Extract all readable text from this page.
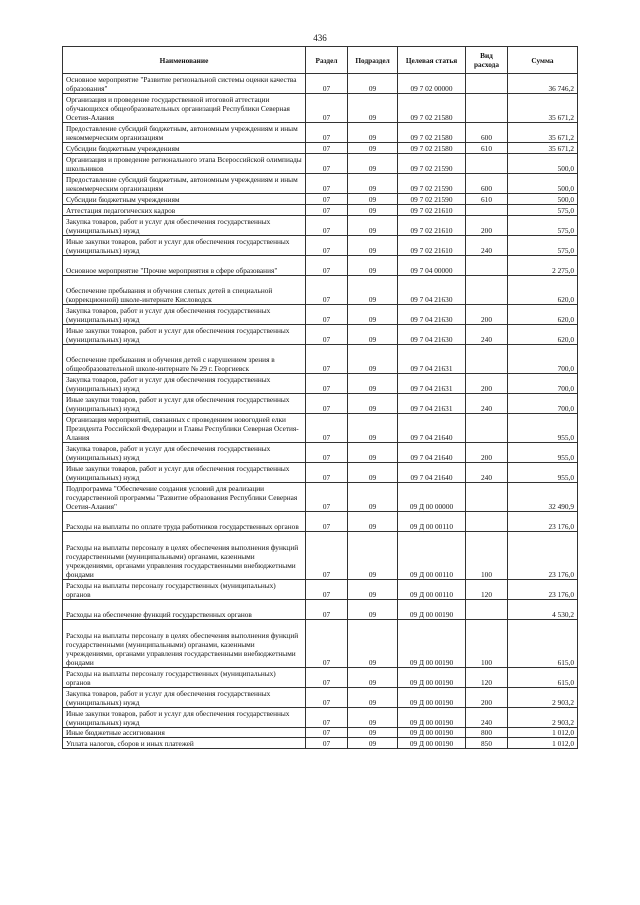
436
Наименование	Раздел	Подраздел	Целевая статья	Вид расхода	Сумма
Основное мероприятие "Развитие региональной системы оценки качества образования"	07	09	09 7 02 00000		36 746,2
Организация и проведение государственной итоговой аттестации обучающихся общеобразовательных организаций Республики Северная Осетия-Алания	07	09	09 7 02 21580		35 671,2
Предоставление субсидий бюджетным, автономным учреждениям и иным некоммерческим организациям	07	09	09 7 02 21580	600	35 671,2
Субсидии бюджетным учреждениям	07	09	09 7 02 21580	610	35 671,2
Организация и проведение регионального этапа Всероссийской олимпиады школьников	07	09	09 7 02 21590		500,0
Предоставление субсидий бюджетным, автономным учреждениям и иным некоммерческим организациям	07	09	09 7 02 21590	600	500,0
Субсидии бюджетным учреждениям	07	09	09 7 02 21590	610	500,0
Аттестация педагогических кадров	07	09	09 7 02 21610		575,0
Закупка товаров, работ и услуг для обеспечения государственных (муниципальных) нужд	07	09	09 7 02 21610	200	575,0
Иные закупки товаров, работ и услуг для обеспечения государственных (муниципальных) нужд	07	09	09 7 02 21610	240	575,0
Основное мероприятие "Прочие мероприятия в сфере образования"	07	09	09 7 04 00000		2 275,0
Обеспечение пребывания и обучения слепых детей в специальной (коррекционной) школе-интернате Кисловодск	07	09	09 7 04 21630		620,0
Закупка товаров, работ и услуг для обеспечения государственных (муниципальных) нужд	07	09	09 7 04 21630	200	620,0
Иные закупки товаров, работ и услуг для обеспечения государственных (муниципальных) нужд	07	09	09 7 04 21630	240	620,0
Обеспечение пребывания и обучения детей с нарушением зрения в общеобразовательной школе-интернате № 29 г. Георгиевск	07	09	09 7 04 21631		700,0
Закупка товаров, работ и услуг для обеспечения государственных (муниципальных) нужд	07	09	09 7 04 21631	200	700,0
Иные закупки товаров, работ и услуг для обеспечения государственных (муниципальных) нужд	07	09	09 7 04 21631	240	700,0
Организация мероприятий, связанных с проведением новогодней елки Президента Российской Федерации и Главы Республики Северная Осетия-Алания	07	09	09 7 04 21640		955,0
Закупка товаров, работ и услуг для обеспечения государственных (муниципальных) нужд	07	09	09 7 04 21640	200	955,0
Иные закупки товаров, работ и услуг для обеспечения государственных (муниципальных) нужд	07	09	09 7 04 21640	240	955,0
Подпрограмма "Обеспечение создания условий для реализации государственной программы "Развитие образования Республики Северная Осетия-Алания"	07	09	09 Д 00 00000		32 490,9
Расходы на выплаты по оплате труда работников государственных органов	07	09	09 Д 00 00110		23 176,0
Расходы на выплаты персоналу в целях обеспечения выполнения функций государственными (муниципальными) органами, казенными учреждениями, органами управления государственными внебюджетными фондами	07	09	09 Д 00 00110	100	23 176,0
Расходы на выплаты персоналу государственных (муниципальных) органов	07	09	09 Д 00 00110	120	23 176,0
Расходы на обеспечение функций государственных органов	07	09	09 Д 00 00190		4 530,2
Расходы на выплаты персоналу в целях обеспечения выполнения функций государственными (муниципальными) органами, казенными учреждениями, органами управления государственными внебюджетными фондами	07	09	09 Д 00 00190	100	615,0
Расходы на выплаты персоналу государственных (муниципальных) органов	07	09	09 Д 00 00190	120	615,0
Закупка товаров, работ и услуг для обеспечения государственных (муниципальных) нужд	07	09	09 Д 00 00190	200	2 903,2
Иные закупки товаров, работ и услуг для обеспечения государственных (муниципальных) нужд	07	09	09 Д 00 00190	240	2 903,2
Иные бюджетные ассигнования	07	09	09 Д 00 00190	800	1 012,0
Уплата налогов, сборов и иных платежей	07	09	09 Д 00 00190	850	1 012,0
